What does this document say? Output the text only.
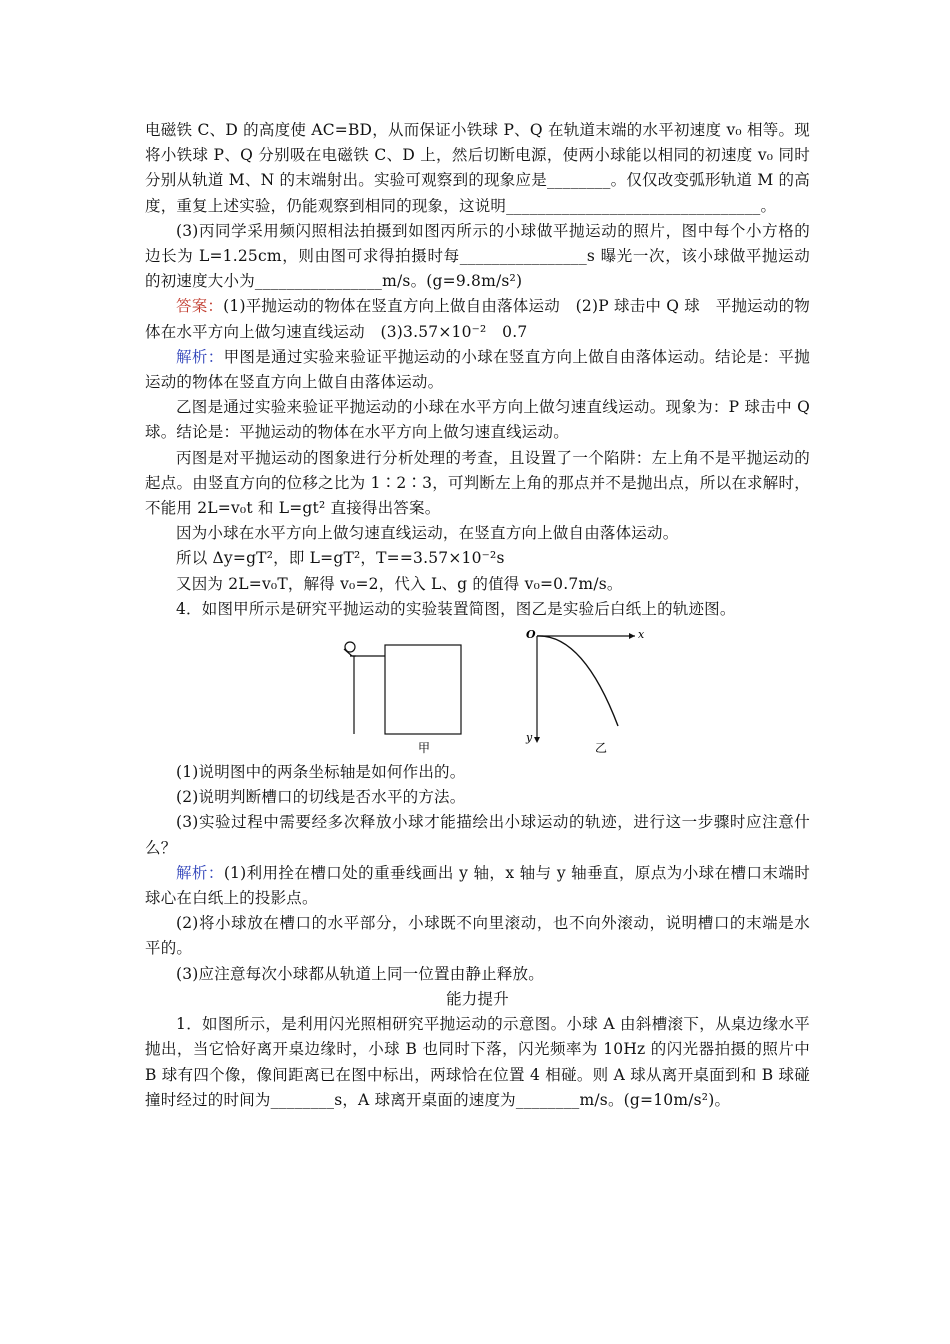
电磁铁 C、D 的高度使 AC=BD，从而保证小铁球 P、Q 在轨道末端的水平初速度 v₀ 相等。现将小铁球 P、Q 分别吸在电磁铁 C、D 上，然后切断电源，使两小球能以相同的初速度 v₀ 同时分别从轨道 M、N 的末端射出。实验可观察到的现象应是________。仅仅改变弧形轨道 M 的高度，重复上述实验，仍能观察到相同的现象，这说明________________________________。

(3)丙同学采用频闪照相法拍摄到如图丙所示的小球做平抛运动的照片，图中每个小方格的边长为 L=1.25cm，则由图可求得拍摄时每________________s 曝光一次，该小球做平抛运动的初速度大小为________________m/s。(g=9.8m/s²)

答案：(1)平抛运动的物体在竖直方向上做自由落体运动　(2)P 球击中 Q 球　平抛运动的物体在水平方向上做匀速直线运动　(3)3.57×10⁻²　0.7

解析：甲图是通过实验来验证平抛运动的小球在竖直方向上做自由落体运动。结论是：平抛运动的物体在竖直方向上做自由落体运动。

乙图是通过实验来验证平抛运动的小球在水平方向上做匀速直线运动。现象为：P 球击中 Q 球。结论是：平抛运动的物体在水平方向上做匀速直线运动。

丙图是对平抛运动的图象进行分析处理的考查，且设置了一个陷阱：左上角不是平抛运动的起点。由竖直方向的位移之比为 1∶2∶3，可判断左上角的那点并不是抛出点，所以在求解时，不能用 2L=v₀t 和 L=gt² 直接得出答案。

因为小球在水平方向上做匀速直线运动，在竖直方向上做自由落体运动。

所以 Δy=gT²，即 L=gT²，T==3.57×10⁻²s

又因为 2L=v₀T，解得 v₀=2，代入 L、g 的值得 v₀=0.7m/s。

4．如图甲所示是研究平抛运动的实验装置简图，图乙是实验后白纸上的轨迹图。

甲
O	x
y
乙

(1)说明图中的两条坐标轴是如何作出的。

(2)说明判断槽口的切线是否水平的方法。

(3)实验过程中需要经多次释放小球才能描绘出小球运动的轨迹，进行这一步骤时应注意什么？

解析：(1)利用拴在槽口处的重垂线画出 y 轴，x 轴与 y 轴垂直，原点为小球在槽口末端时球心在白纸上的投影点。

(2)将小球放在槽口的水平部分，小球既不向里滚动，也不向外滚动，说明槽口的末端是水平的。

(3)应注意每次小球都从轨道上同一位置由静止释放。

能力提升

1．如图所示，是利用闪光照相研究平抛运动的示意图。小球 A 由斜槽滚下，从桌边缘水平抛出，当它恰好离开桌边缘时，小球 B 也同时下落，闪光频率为 10Hz 的闪光器拍摄的照片中 B 球有四个像，像间距离已在图中标出，两球恰在位置 4 相碰。则 A 球从离开桌面到和 B 球碰撞时经过的时间为________s，A 球离开桌面的速度为________m/s。(g=10m/s²)。
